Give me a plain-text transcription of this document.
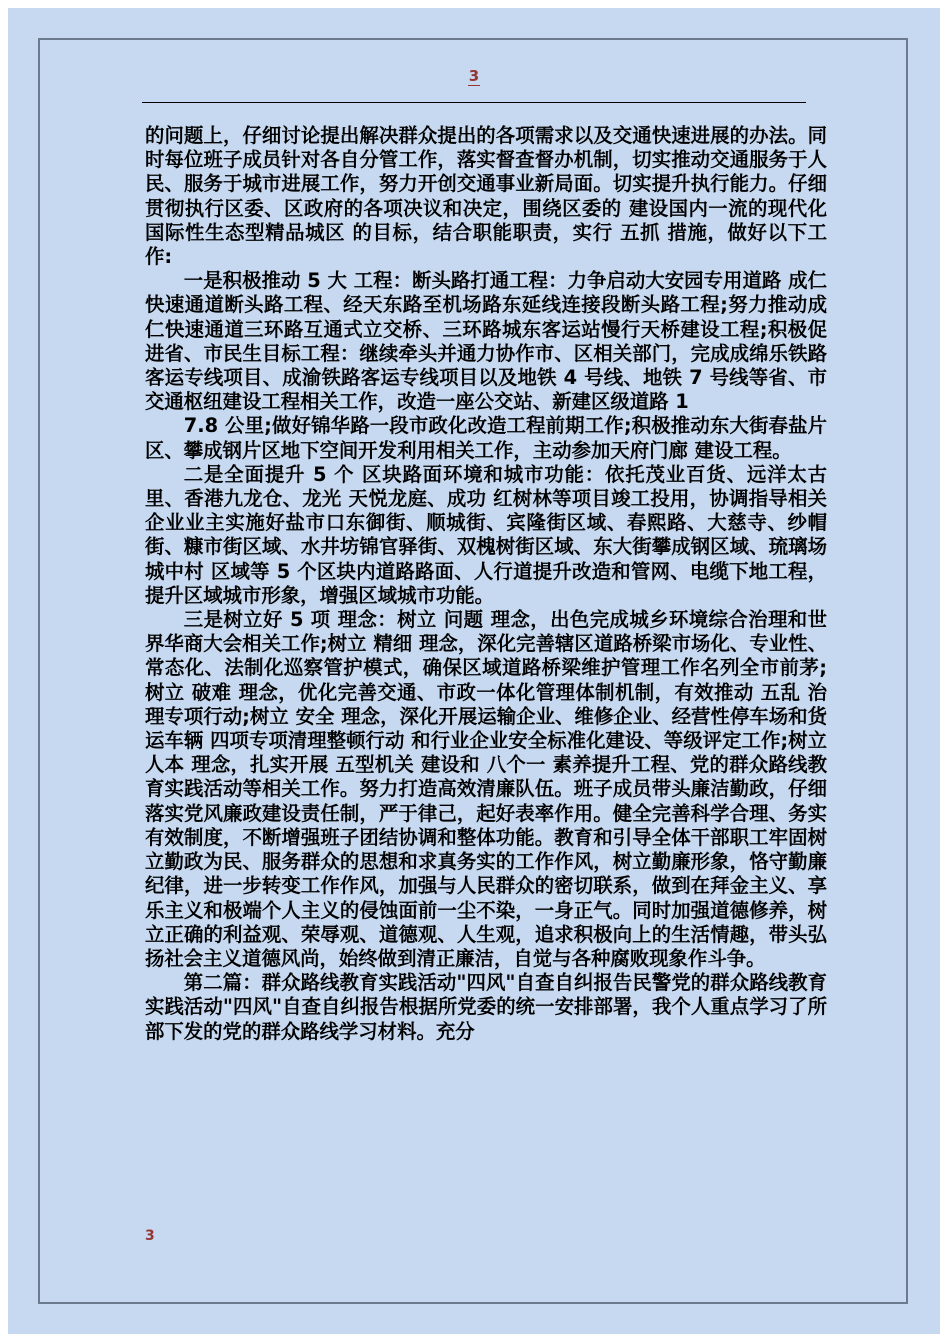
3

的问题上，仔细讨论提出解决群众提出的各项需求以及交通快速进展的办法。同时每位班子成员针对各自分管工作，落实督查督办机制，切实推动交通服务于人民、服务于城市进展工作，努力开创交通事业新局面。切实提升执行能力。仔细贯彻执行区委、区政府的各项决议和决定，围绕区委的 建设国内一流的现代化国际性生态型精品城区 的目标，结合职能职责，实行 五抓 措施，做好以下工作:

一是积极推动 5 大 工程：断头路打通工程：力争启动大安园专用道路 成仁快速通道断头路工程、经天东路至机场路东延线连接段断头路工程;努力推动成仁快速通道三环路互通式立交桥、三环路城东客运站慢行天桥建设工程;积极促进省、市民生目标工程：继续牵头并通力协作市、区相关部门，完成成绵乐铁路客运专线项目、成渝铁路客运专线项目以及地铁 4 号线、地铁 7 号线等省、市交通枢纽建设工程相关工作，改造一座公交站、新建区级道路 1

7.8 公里;做好锦华路一段市政化改造工程前期工作;积极推动东大街春盐片区、攀成钢片区地下空间开发利用相关工作，主动参加天府门廊 建设工程。

二是全面提升 5 个 区块路面环境和城市功能：依托茂业百货、远洋太古里、香港九龙仓、龙光 天悦龙庭、成功 红树林等项目竣工投用，协调指导相关企业业主实施好盐市口东御街、顺城街、宾隆街区域、春熙路、大慈寺、纱帽街、糠市街区域、水井坊锦官驿街、双槐树街区域、东大街攀成钢区域、琉璃场 城中村 区域等 5 个区块内道路路面、人行道提升改造和管网、电缆下地工程，提升区域城市形象，增强区域城市功能。

三是树立好 5 项 理念：树立 问题 理念，出色完成城乡环境综合治理和世界华商大会相关工作;树立 精细 理念，深化完善辖区道路桥梁市场化、专业性、常态化、法制化巡察管护模式，确保区域道路桥梁维护管理工作名列全市前茅;树立 破难 理念，优化完善交通、市政一体化管理体制机制，有效推动 五乱 治理专项行动;树立 安全 理念，深化开展运输企业、维修企业、经营性停车场和货运车辆 四项专项清理整顿行动 和行业企业安全标准化建设、等级评定工作;树立 人本 理念，扎实开展 五型机关 建设和 八个一 素养提升工程、党的群众路线教育实践活动等相关工作。努力打造高效清廉队伍。班子成员带头廉洁勤政，仔细落实党风廉政建设责任制，严于律己，起好表率作用。健全完善科学合理、务实有效制度，不断增强班子团结协调和整体功能。教育和引导全体干部职工牢固树立勤政为民、服务群众的思想和求真务实的工作作风，树立勤廉形象，恪守勤廉纪律，进一步转变工作作风，加强与人民群众的密切联系，做到在拜金主义、享乐主义和极端个人主义的侵蚀面前一尘不染，一身正气。同时加强道德修养，树立正确的利益观、荣辱观、道德观、人生观，追求积极向上的生活情趣，带头弘扬社会主义道德风尚，始终做到清正廉洁，自觉与各种腐败现象作斗争。

第二篇：群众路线教育实践活动"四风"自查自纠报告民警党的群众路线教育实践活动"四风"自查自纠报告根据所党委的统一安排部署，我个人重点学习了所部下发的党的群众路线学习材料。充分

3
